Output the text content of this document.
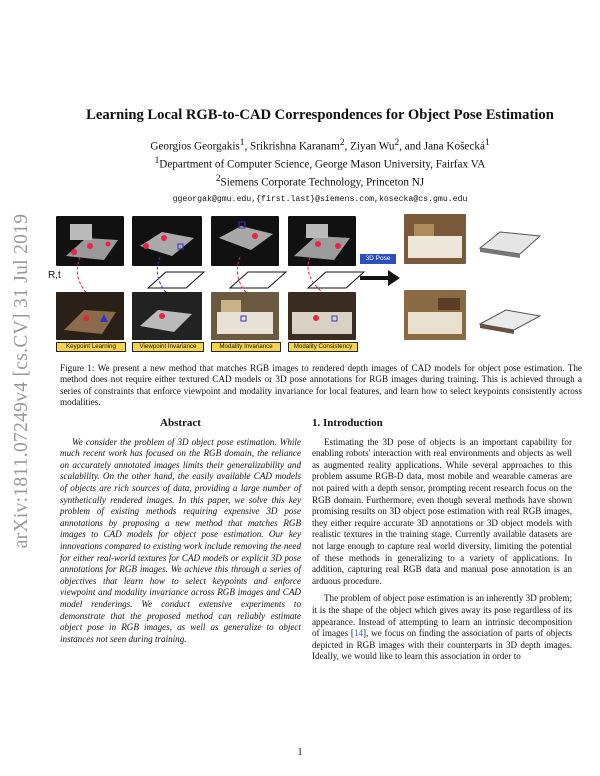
arXiv:1811.07249v4 [cs.CV] 31 Jul 2019
Learning Local RGB-to-CAD Correspondences for Object Pose Estimation
Georgios Georgakis$^1$, Srikrishna Karanam$^2$, Ziyan Wu$^2$, and Jana Košecká$^1$
$^1$Department of Computer Science, George Mason University, Fairfax VA
$^2$Siemens Corporate Technology, Princeton NJ
ggeorgak@gmu.edu,{first.last}@siemens.com,kosecka@cs.gmu.edu
R,t
Keypoint Learning	Viewpoint Invariance	Modality Invariance	Modality Consistency
3D Pose
Figure 1: We present a new method that matches RGB images to rendered depth images of CAD models for object pose estimation. The method does not require either textured CAD models or 3D pose annotations for RGB images during training. This is achieved through a series of constraints that enforce viewpoint and modality invariance for local features, and learn how to select keypoints consistently across modalities.
Abstract
We consider the problem of 3D object pose estimation. While much recent work has focused on the RGB domain, the reliance on accurately annotated images limits their generalizability and scalability. On the other hand, the easily available CAD models of objects are rich sources of data, providing a large number of synthetically rendered images. In this paper, we solve this key problem of existing methods requiring expensive 3D pose annotations by proposing a new method that matches RGB images to CAD models for object pose estimation. Our key innovations compared to existing work include removing the need for either real-world textures for CAD models or explicit 3D pose annotations for RGB images. We achieve this through a series of objectives that learn how to select keypoints and enforce viewpoint and modality invariance across RGB images and CAD model renderings. We conduct extensive experiments to demonstrate that the proposed method can reliably estimate object pose in RGB images, as well as generalize to object instances not seen during training.
1. Introduction

Estimating the 3D pose of objects is an important capability for enabling robots' interaction with real environments and objects as well as augmented reality applications. While several approaches to this problem assume RGB-D data, most mobile and wearable cameras are not paired with a depth sensor, prompting recent research focus on the RGB domain. Furthermore, even though several methods have shown promising results on 3D object pose estimation with real RGB images, they either require accurate 3D annotations or 3D object models with realistic textures in the training stage. Currently available datasets are not large enough to capture real world diversity, limiting the potential of these methods in generalizing to a variety of applications. In addition, capturing real RGB data and manual pose annotation is an arduous procedure.

The problem of object pose estimation is an inherently 3D problem; it is the shape of the object which gives away its pose regardless of its appearance. Instead of attempting to learn an intrinsic decomposition of images [14], we focus on finding the association of parts of objects depicted in RGB images with their counterparts in 3D depth images. Ideally, we would like to learn this association in order to

1
